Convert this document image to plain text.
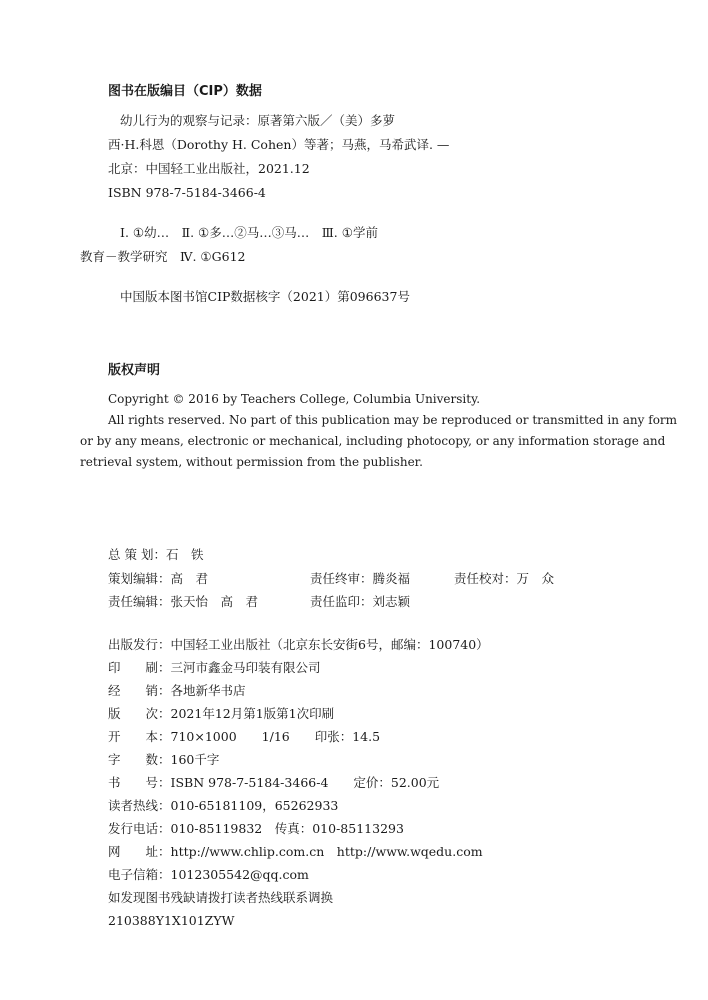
图书在版编目（CIP）数据
幼儿行为的观察与记录：原著第六版／（美）多萝
西·H.科恩（Dorothy H. Cohen）等著；马燕，马希武译. —
北京：中国轻工业出版社，2021.12
ISBN 978-7-5184-3466-4
Ⅰ. ①幼…　Ⅱ. ①多…②马…③马…　Ⅲ. ①学前
教育－教学研究　Ⅳ. ①G612
中国版本图书馆CIP数据核字（2021）第096637号
版权声明
Copyright © 2016 by Teachers College, Columbia University.
All rights reserved. No part of this publication may be reproduced or transmitted in any form
or by any means, electronic or mechanical, including photocopy, or any information storage and
retrieval system, without permission from the publisher.
总 策 划：石　铁
策划编辑：高　君	责任终审：腾炎福	责任校对：万　众
责任编辑：张天怡　高　君	责任监印：刘志颖
出版发行：中国轻工业出版社（北京东长安街6号，邮编：100740）
印　　刷：三河市鑫金马印装有限公司
经　　销：各地新华书店
版　　次：2021年12月第1版第1次印刷
开　　本：710×1000　　1/16　　印张：14.5
字　　数：160千字
书　　号：ISBN 978-7-5184-3466-4　　定价：52.00元
读者热线：010-65181109，65262933
发行电话：010-85119832　传真：010-85113293
网　　址：http://www.chlip.com.cn　http://www.wqedu.com
电子信箱：1012305542@qq.com
如发现图书残缺请拨打读者热线联系调换
210388Y1X101ZYW
